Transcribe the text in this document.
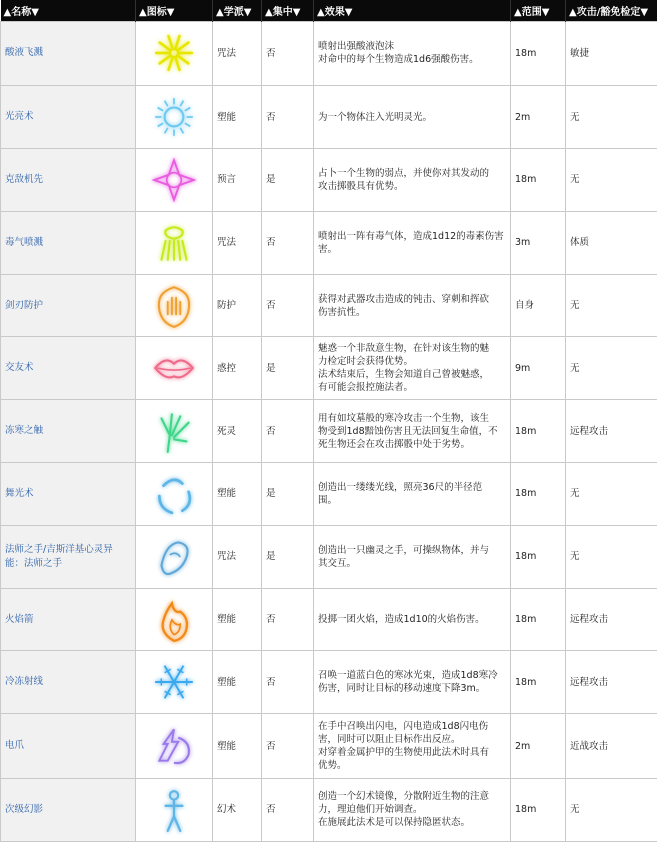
▲名称▼	▲图标▼	▲学派▼	▲集中▼	▲效果▼	▲范围▼	▲攻击/豁免检定▼
酸液飞溅		咒法	否	喷射出强酸液泡沫
对命中的每个生物造成1d6强酸伤害。	18m	敏捷
光亮术		塑能	否	为一个物体注入光明灵光。	2m	无
克敌机先		预言	是	占卜一个生物的弱点，并使你对其发动的
攻击掷骰具有优势。	18m	无
毒气喷溅		咒法	否	喷射出一阵有毒气体，造成1d12的毒素伤害
害。	3m	体质
剑刃防护		防护	否	获得对武器攻击造成的钝击、穿刺和挥砍
伤害抗性。	自身	无
交友术		惑控	是	魅惑一个非敌意生物，在针对该生物的魅
力检定时会获得优势。
法术结束后，生物会知道自己曾被魅惑，
有可能会报控施法者。	9m	无
冻寒之触		死灵	否	用有如坟墓般的寒冷攻击一个生物，该生
物受到1d8黯蚀伤害且无法回复生命值，不
死生物还会在攻击掷骰中处于劣势。	18m	远程攻击
舞光术		塑能	是	创造出一缕缕光线，照亮36尺的半径范
围。	18m	无
法师之手/吉斯洋基心灵异能：法师之手		咒法	是	创造出一只幽灵之手，可操纵物体，并与
其交互。	18m	无
火焰箭		塑能	否	投掷一团火焰，造成1d10的火焰伤害。	18m	远程攻击
冷冻射线		塑能	否	召唤一道蓝白色的寒冰光束，造成1d8寒冷
伤害，同时让目标的移动速度下降3m。	18m	远程攻击
电爪		塑能	否	在手中召唤出闪电，闪电造成1d8闪电伤
害，同时可以阻止目标作出反应。
对穿着金属护甲的生物使用此法术时具有
优势。	2m	近战攻击
次级幻影		幻术	否	创造一个幻术镜像，分散附近生物的注意
力，理迫他们开始调查。
在施展此法术是可以保持隐匿状态。	18m	无
